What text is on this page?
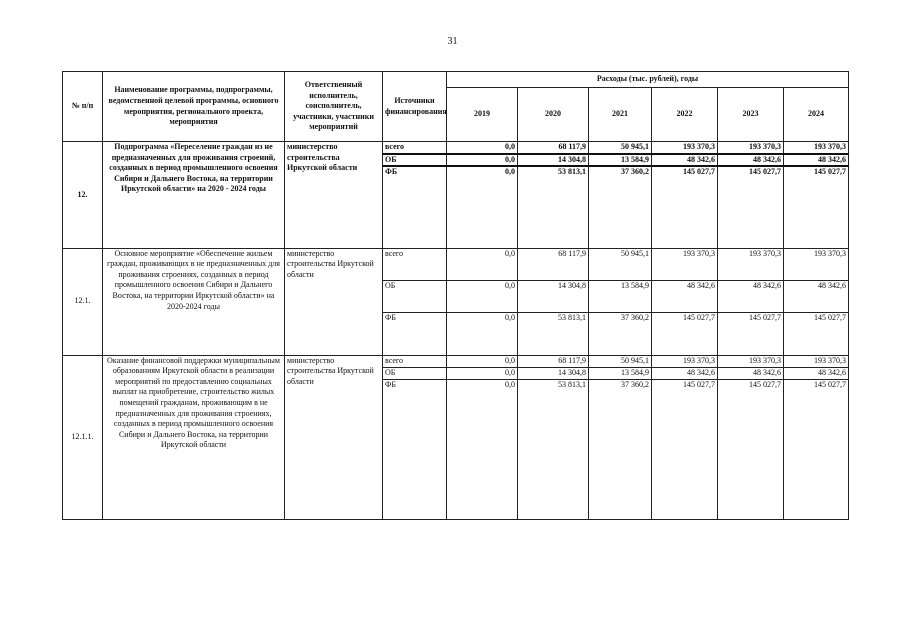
31
№ п/п	Наименование программы, подпрограммы, ведомственной целевой программы, основного мероприятия, регионального проекта, мероприятия	Ответственный исполнитель, соисполнитель, участники, участники мероприятий	Источники финансирования	Расходы (тыс. рублей), годы					
				2019	2020	2021	2022	2023	2024
12.	Подпрограмма «Переселение граждан из не предназначенных для проживания строений, созданных в период промышленного освоения Сибири и Дальнего Востока, на территории Иркутской области» на 2020 - 2024 годы	министерство строительства Иркутской области	всего	0,0	68 117,9	50 945,1	193 370,3	193 370,3	193 370,3
			ОБ	0,0	14 304,8	13 584,9	48 342,6	48 342,6	48 342,6
			ФБ	0,0	53 813,1	37 360,2	145 027,7	145 027,7	145 027,7
12.1.	Основное мероприятие «Обеспечение жильем граждан, проживающих в не предназначенных для проживания строениях, созданных в период промышленного освоения Сибири и Дальнего Востока, на территории Иркутской области» на 2020-2024 годы	министерство строительства Иркутской области	всего	0,0	68 117,9	50 945,1	193 370,3	193 370,3	193 370,3
			ОБ	0,0	14 304,8	13 584,9	48 342,6	48 342,6	48 342,6
			ФБ	0,0	53 813,1	37 360,2	145 027,7	145 027,7	145 027,7
12.1.1.	Оказание финансовой поддержки муниципальным образованиям Иркутской области в реализации мероприятий по предоставлению социальных выплат на приобретение, строительство жилых помещений гражданам, проживающим в не предназначенных для проживания строениях, созданных в период промышленного освоения Сибири и Дальнего Востока, на территории Иркутской области	министерство строительства Иркутской области	всего	0,0	68 117,9	50 945,1	193 370,3	193 370,3	193 370,3
			ОБ	0,0	14 304,8	13 584,9	48 342,6	48 342,6	48 342,6
			ФБ	0,0	53 813,1	37 360,2	145 027,7	145 027,7	145 027,7
